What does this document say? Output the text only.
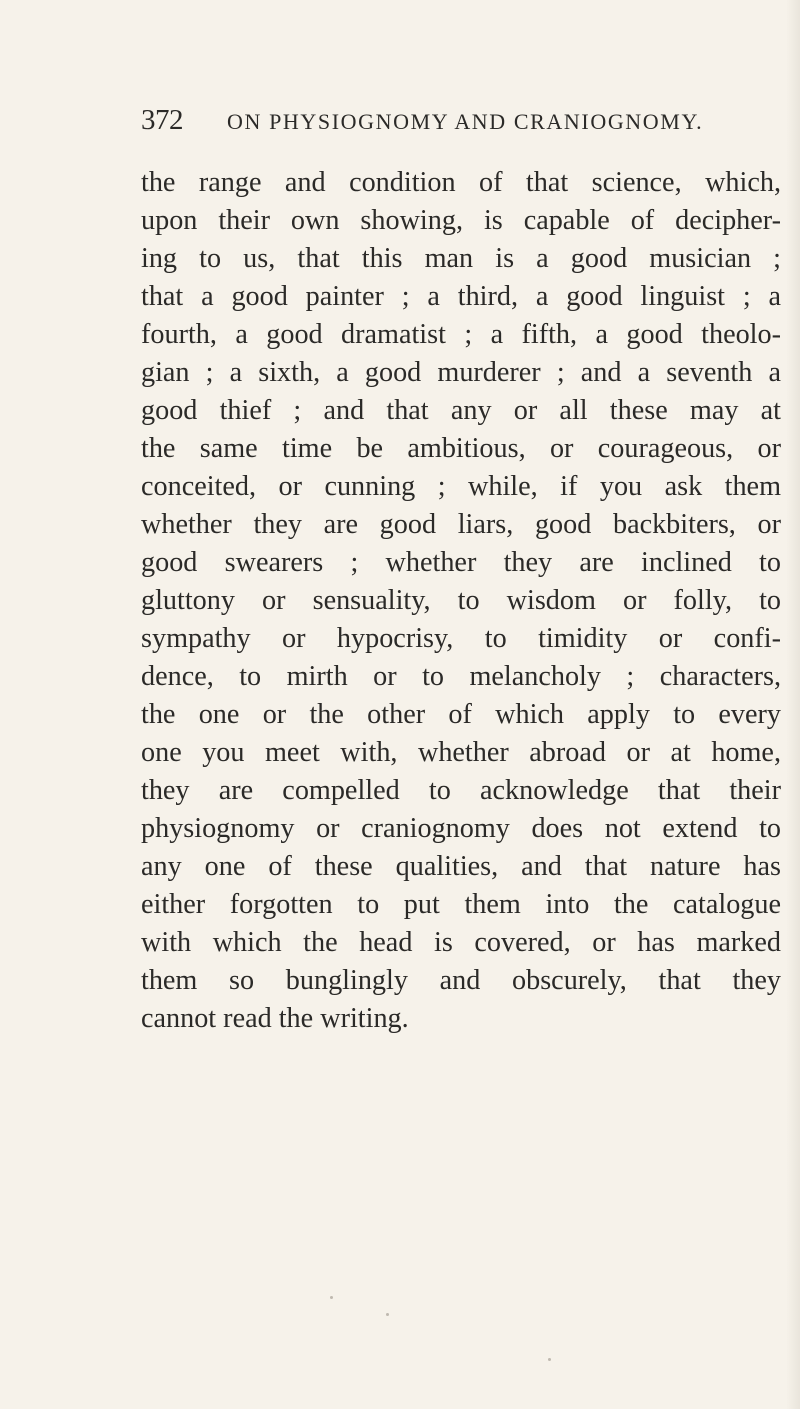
372 ON PHYSIOGNOMY AND CRANIOGNOMY.
the range and condition of that science, which,
upon their own showing, is capable of decipher-
ing to us, that this man is a good musician ;
that a good painter ; a third, a good linguist ; a
fourth, a good dramatist ; a fifth, a good theolo-
gian ; a sixth, a good murderer ; and a seventh a
good thief ; and that any or all these may at
the same time be ambitious, or courageous, or
conceited, or cunning ; while, if you ask them
whether they are good liars, good backbiters, or
good swearers ; whether they are inclined to
gluttony or sensuality, to wisdom or folly, to
sympathy or hypocrisy, to timidity or confi-
dence, to mirth or to melancholy ; characters,
the one or the other of which apply to every
one you meet with, whether abroad or at home,
they are compelled to acknowledge that their
physiognomy or craniognomy does not extend to
any one of these qualities, and that nature has
either forgotten to put them into the catalogue
with which the head is covered, or has marked
them so bunglingly and obscurely, that they
cannot read the writing.
